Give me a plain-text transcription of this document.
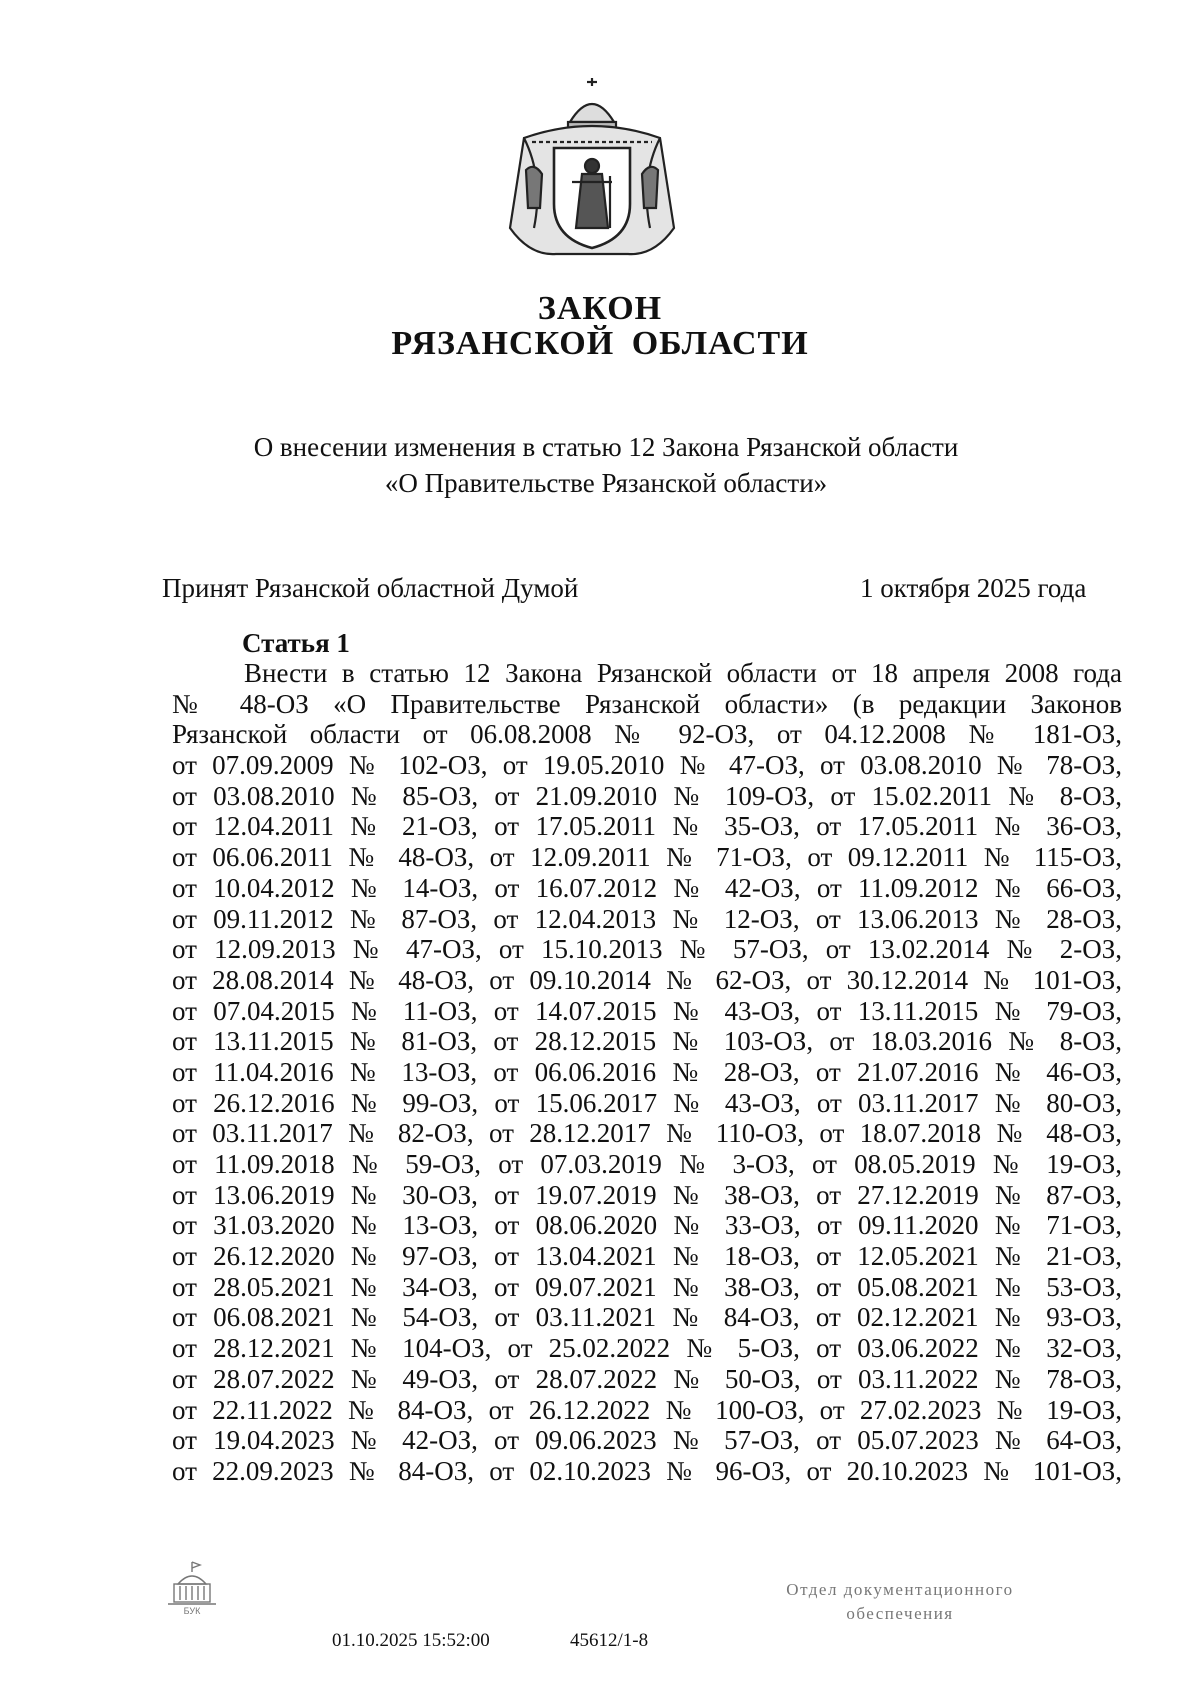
ЗАКОН
РЯЗАНСКОЙ ОБЛАСТИ
О внесении изменения в статью 12 Закона Рязанской области
«О Правительстве Рязанской области»
Принят Рязанской областной Думой	1 октября 2025 года
Статья 1
Внести в статью 12 Закона Рязанской области от 18 апреля 2008 года
№ 48-ОЗ «О Правительстве Рязанской области» (в редакции Законов
Рязанской области от 06.08.2008 № 92-ОЗ, от 04.12.2008 № 181-ОЗ,
от 07.09.2009 № 102-ОЗ, от 19.05.2010 № 47-ОЗ, от 03.08.2010 № 78-ОЗ,
от 03.08.2010 № 85-ОЗ, от 21.09.2010 № 109-ОЗ, от 15.02.2011 № 8-ОЗ,
от 12.04.2011 № 21-ОЗ, от 17.05.2011 № 35-ОЗ, от 17.05.2011 № 36-ОЗ,
от 06.06.2011 № 48-ОЗ, от 12.09.2011 № 71-ОЗ, от 09.12.2011 № 115-ОЗ,
от 10.04.2012 № 14-ОЗ, от 16.07.2012 № 42-ОЗ, от 11.09.2012 № 66-ОЗ,
от 09.11.2012 № 87-ОЗ, от 12.04.2013 № 12-ОЗ, от 13.06.2013 № 28-ОЗ,
от 12.09.2013 № 47-ОЗ, от 15.10.2013 № 57-ОЗ, от 13.02.2014 № 2-ОЗ,
от 28.08.2014 № 48-ОЗ, от 09.10.2014 № 62-ОЗ, от 30.12.2014 № 101-ОЗ,
от 07.04.2015 № 11-ОЗ, от 14.07.2015 № 43-ОЗ, от 13.11.2015 № 79-ОЗ,
от 13.11.2015 № 81-ОЗ, от 28.12.2015 № 103-ОЗ, от 18.03.2016 № 8-ОЗ,
от 11.04.2016 № 13-ОЗ, от 06.06.2016 № 28-ОЗ, от 21.07.2016 № 46-ОЗ,
от 26.12.2016 № 99-ОЗ, от 15.06.2017 № 43-ОЗ, от 03.11.2017 № 80-ОЗ,
от 03.11.2017 № 82-ОЗ, от 28.12.2017 № 110-ОЗ, от 18.07.2018 № 48-ОЗ,
от 11.09.2018 № 59-ОЗ, от 07.03.2019 № 3-ОЗ, от 08.05.2019 № 19-ОЗ,
от 13.06.2019 № 30-ОЗ, от 19.07.2019 № 38-ОЗ, от 27.12.2019 № 87-ОЗ,
от 31.03.2020 № 13-ОЗ, от 08.06.2020 № 33-ОЗ, от 09.11.2020 № 71-ОЗ,
от 26.12.2020 № 97-ОЗ, от 13.04.2021 № 18-ОЗ, от 12.05.2021 № 21-ОЗ,
от 28.05.2021 № 34-ОЗ, от 09.07.2021 № 38-ОЗ, от 05.08.2021 № 53-ОЗ,
от 06.08.2021 № 54-ОЗ, от 03.11.2021 № 84-ОЗ, от 02.12.2021 № 93-ОЗ,
от 28.12.2021 № 104-ОЗ, от 25.02.2022 № 5-ОЗ, от 03.06.2022 № 32-ОЗ,
от 28.07.2022 № 49-ОЗ, от 28.07.2022 № 50-ОЗ, от 03.11.2022 № 78-ОЗ,
от 22.11.2022 № 84-ОЗ, от 26.12.2022 № 100-ОЗ, от 27.02.2023 № 19-ОЗ,
от 19.04.2023 № 42-ОЗ, от 09.06.2023 № 57-ОЗ, от 05.07.2023 № 64-ОЗ,
от 22.09.2023 № 84-ОЗ, от 02.10.2023 № 96-ОЗ, от 20.10.2023 № 101-ОЗ,
БУК
01.10.2025 15:52:00	45612/1-8
Отдел документационного
обеспечения
